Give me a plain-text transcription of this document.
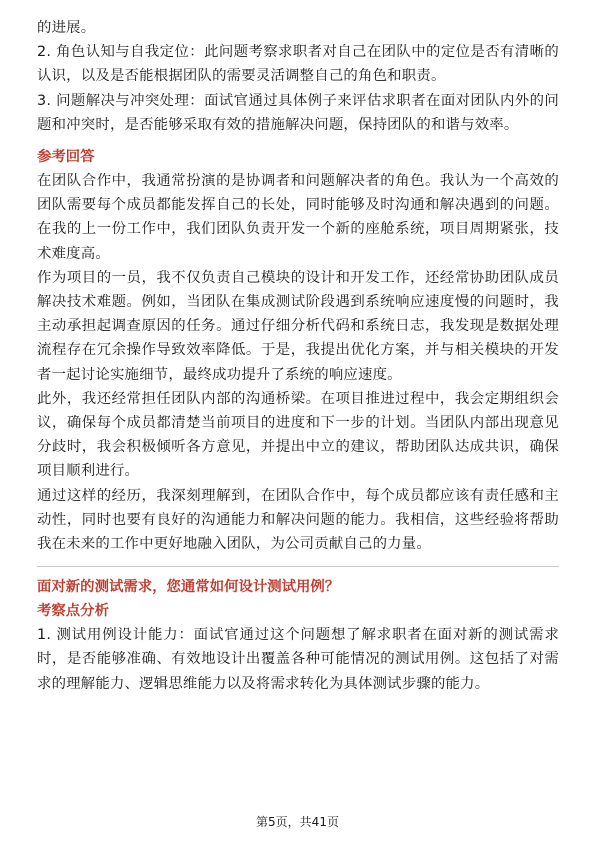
的进展。

2. 角色认知与自我定位：此问题考察求职者对自己在团队中的定位是否有清晰的认识，以及是否能根据团队的需要灵活调整自己的角色和职责。

3. 问题解决与冲突处理：面试官通过具体例子来评估求职者在面对团队内外的问题和冲突时，是否能够采取有效的措施解决问题，保持团队的和谐与效率。

参考回答

在团队合作中，我通常扮演的是协调者和问题解决者的角色。我认为一个高效的团队需要每个成员都能发挥自己的长处，同时能够及时沟通和解决遇到的问题。在我的上一份工作中，我们团队负责开发一个新的座舱系统，项目周期紧张，技术难度高。

作为项目的一员，我不仅负责自己模块的设计和开发工作，还经常协助团队成员解决技术难题。例如，当团队在集成测试阶段遇到系统响应速度慢的问题时，我主动承担起调查原因的任务。通过仔细分析代码和系统日志，我发现是数据处理流程存在冗余操作导致效率降低。于是，我提出优化方案，并与相关模块的开发者一起讨论实施细节，最终成功提升了系统的响应速度。

此外，我还经常担任团队内部的沟通桥梁。在项目推进过程中，我会定期组织会议，确保每个成员都清楚当前项目的进度和下一步的计划。当团队内部出现意见分歧时，我会积极倾听各方意见，并提出中立的建议，帮助团队达成共识，确保项目顺利进行。

通过这样的经历，我深刻理解到，在团队合作中，每个成员都应该有责任感和主动性，同时也要有良好的沟通能力和解决问题的能力。我相信，这些经验将帮助我在未来的工作中更好地融入团队，为公司贡献自己的力量。

面对新的测试需求，您通常如何设计测试用例？
考察点分析

1. 测试用例设计能力：面试官通过这个问题想了解求职者在面对新的测试需求时，是否能够准确、有效地设计出覆盖各种可能情况的测试用例。这包括了对需求的理解能力、逻辑思维能力以及将需求转化为具体测试步骤的能力。

第5页，共41页
